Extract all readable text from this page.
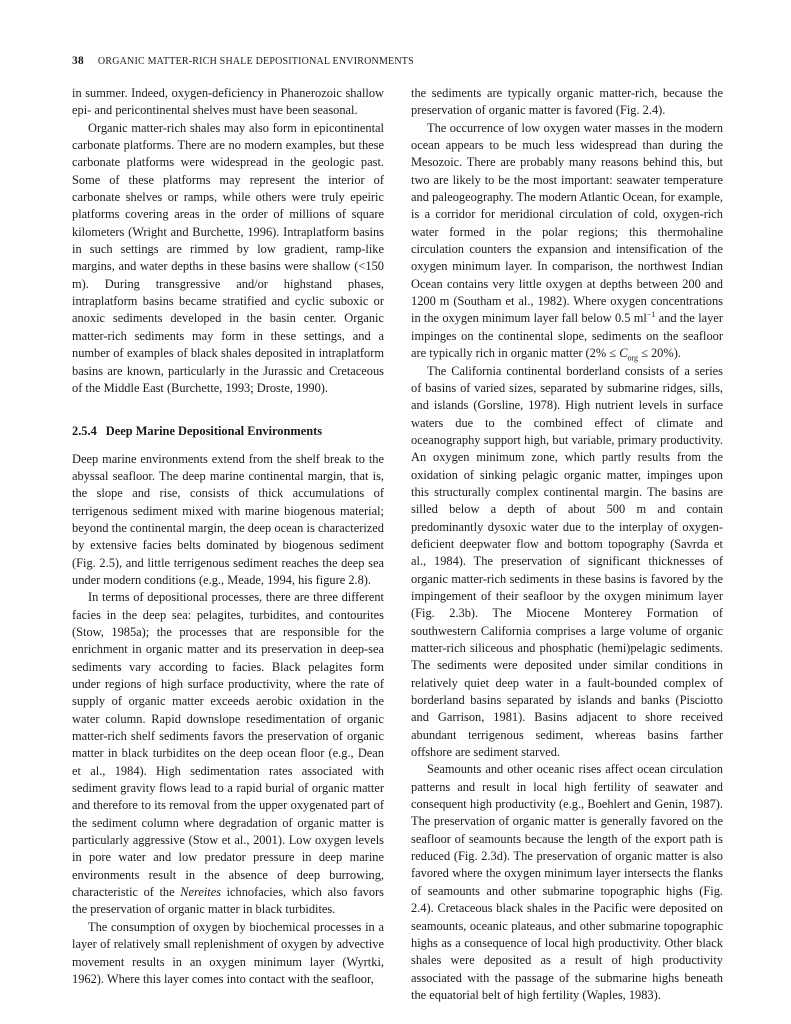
38 ORGANIC MATTER-RICH SHALE DEPOSITIONAL ENVIRONMENTS

in summer. Indeed, oxygen-deficiency in Phanerozoic shallow epi- and pericontinental shelves must have been seasonal.

Organic matter-rich shales may also form in epicontinental carbonate platforms. There are no modern examples, but these carbonate platforms were widespread in the geologic past. Some of these platforms may represent the interior of carbonate shelves or ramps, while others were truly epeiric platforms covering areas in the order of millions of square kilometers (Wright and Burchette, 1996). Intraplatform basins in such settings are rimmed by low gradient, ramp-like margins, and water depths in these basins were shallow (<150 m). During transgressive and/or highstand phases, intraplatform basins became stratified and cyclic suboxic or anoxic sediments developed in the basin center. Organic matter-rich sediments may form in these settings, and a number of examples of black shales deposited in intraplatform basins are known, particularly in the Jurassic and Cretaceous of the Middle East (Burchette, 1993; Droste, 1990).

2.5.4 Deep Marine Depositional Environments

Deep marine environments extend from the shelf break to the abyssal seafloor. The deep marine continental margin, that is, the slope and rise, consists of thick accumulations of terrigenous sediment mixed with marine biogenous material; beyond the continental margin, the deep ocean is characterized by extensive facies belts dominated by biogenous sediment (Fig. 2.5), and little terrigenous sediment reaches the deep sea under modern conditions (e.g., Meade, 1994, his figure 2.8).

In terms of depositional processes, there are three different facies in the deep sea: pelagites, turbidites, and contourites (Stow, 1985a); the processes that are responsible for the enrichment in organic matter and its preservation in deep-sea sediments vary according to facies. Black pelagites form under regions of high surface productivity, where the rate of supply of organic matter exceeds aerobic oxidation in the water column. Rapid downslope resedimentation of organic matter-rich shelf sediments favors the preservation of organic matter in black turbidites on the deep ocean floor (e.g., Dean et al., 1984). High sedimentation rates associated with sediment gravity flows lead to a rapid burial of organic matter and therefore to its removal from the upper oxygenated part of the sediment column where degradation of organic matter is particularly aggressive (Stow et al., 2001). Low oxygen levels in pore water and low predator pressure in deep marine environments result in the absence of deep burrowing, characteristic of the Nereites ichnofacies, which also favors the preservation of organic matter in black turbidites.

The consumption of oxygen by biochemical processes in a layer of relatively small replenishment of oxygen by advective movement results in an oxygen minimum layer (Wyrtki, 1962). Where this layer comes into contact with the seafloor,

the sediments are typically organic matter-rich, because the preservation of organic matter is favored (Fig. 2.4).

The occurrence of low oxygen water masses in the modern ocean appears to be much less widespread than during the Mesozoic. There are probably many reasons behind this, but two are likely to be the most important: seawater temperature and paleogeography. The modern Atlantic Ocean, for example, is a corridor for meridional circulation of cold, oxygen-rich water formed in the polar regions; this thermohaline circulation counters the expansion and intensification of the oxygen minimum layer. In comparison, the northwest Indian Ocean contains very little oxygen at depths between 200 and 1200 m (Southam et al., 1982). Where oxygen concentrations in the oxygen minimum layer fall below 0.5 $ml^{-1}$ and the layer impinges on the continental slope, sediments on the seafloor are typically rich in organic matter $(2\% \le C_{org} \le 20\%)$.

The California continental borderland consists of a series of basins of varied sizes, separated by submarine ridges, sills, and islands (Gorsline, 1978). High nutrient levels in surface waters due to the combined effect of climate and oceanography support high, but variable, primary productivity. An oxygen minimum zone, which partly results from the oxidation of sinking pelagic organic matter, impinges upon this structurally complex continental margin. The basins are silled below a depth of about 500 m and contain predominantly dysoxic water due to the interplay of oxygen-deficient deepwater flow and bottom topography (Savrda et al., 1984). The preservation of significant thicknesses of organic matter-rich sediments in these basins is favored by the impingement of their seafloor by the oxygen minimum layer (Fig. 2.3b). The Miocene Monterey Formation of southwestern California comprises a large volume of organic matter-rich siliceous and phosphatic (hemi)pelagic sediments. The sediments were deposited under similar conditions in relatively quiet deep water in a fault-bounded complex of borderland basins separated by islands and banks (Pisciotto and Garrison, 1981). Basins adjacent to shore received abundant terrigenous sediment, whereas basins farther offshore are sediment starved.

Seamounts and other oceanic rises affect ocean circulation patterns and result in local high fertility of seawater and consequent high productivity (e.g., Boehlert and Genin, 1987). The preservation of organic matter is generally favored on the seafloor of seamounts because the length of the export path is reduced (Fig. 2.3d). The preservation of organic matter is also favored where the oxygen minimum layer intersects the flanks of seamounts and other submarine topographic highs (Fig. 2.4). Cretaceous black shales in the Pacific were deposited on seamounts, oceanic plateaus, and other submarine topographic highs as a consequence of local high productivity. Other black shales were deposited as a result of high productivity associated with the passage of the submarine highs beneath the equatorial belt of high fertility (Waples, 1983).
